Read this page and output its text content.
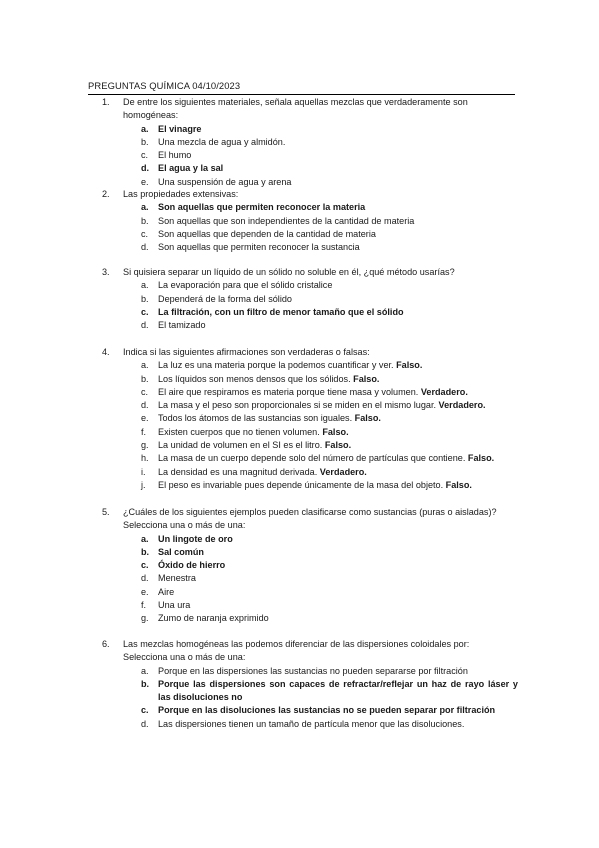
PREGUNTAS QUÍMICA 04/10/2023
1. De entre los siguientes materiales, señala aquellas mezclas que verdaderamente son homogéneas:
a. El vinagre
b. Una mezcla de agua y almidón.
c. El humo
d. El agua y la sal
e. Una suspensión de agua y arena
2. Las propiedades extensivas:
a. Son aquellas que permiten reconocer la materia
b. Son aquellas que son independientes de la cantidad de materia
c. Son aquellas que dependen de la cantidad de materia
d. Son aquellas que permiten reconocer la sustancia
3. Si quisiera separar un líquido de un sólido no soluble en él, ¿qué método usarías?
a. La evaporación para que el sólido cristalice
b. Dependerá de la forma del sólido
c. La filtración, con un filtro de menor tamaño que el sólido
d. El tamizado
4. Indica si las siguientes afirmaciones son verdaderas o falsas:
a. La luz es una materia porque la podemos cuantificar y ver. Falso.
b. Los líquidos son menos densos que los sólidos. Falso.
c. El aire que respiramos es materia porque tiene masa y volumen. Verdadero.
d. La masa y el peso son proporcionales si se miden en el mismo lugar. Verdadero.
e. Todos los átomos de las sustancias son iguales. Falso.
f. Existen cuerpos que no tienen volumen. Falso.
g. La unidad de volumen en el SI es el litro. Falso.
h. La masa de un cuerpo depende solo del número de partículas que contiene. Falso.
i. La densidad es una magnitud derivada. Verdadero.
j. El peso es invariable pues depende únicamente de la masa del objeto. Falso.
5. ¿Cuáles de los siguientes ejemplos pueden clasificarse como sustancias (puras o aisladas)?
Selecciona una o más de una:
a. Un lingote de oro
b. Sal común
c. Óxido de hierro
d. Menestra
e. Aire
f. Una ura
g. Zumo de naranja exprimido
6. Las mezclas homogéneas las podemos diferenciar de las dispersiones coloidales por:
Selecciona una o más de una:
a. Porque en las dispersiones las sustancias no pueden separarse por filtración
b. Porque las dispersiones son capaces de refractar/reflejar un haz de rayo láser y las disoluciones no
c. Porque en las disoluciones las sustancias no se pueden separar por filtración
d. Las dispersiones tienen un tamaño de partícula menor que las disoluciones.
